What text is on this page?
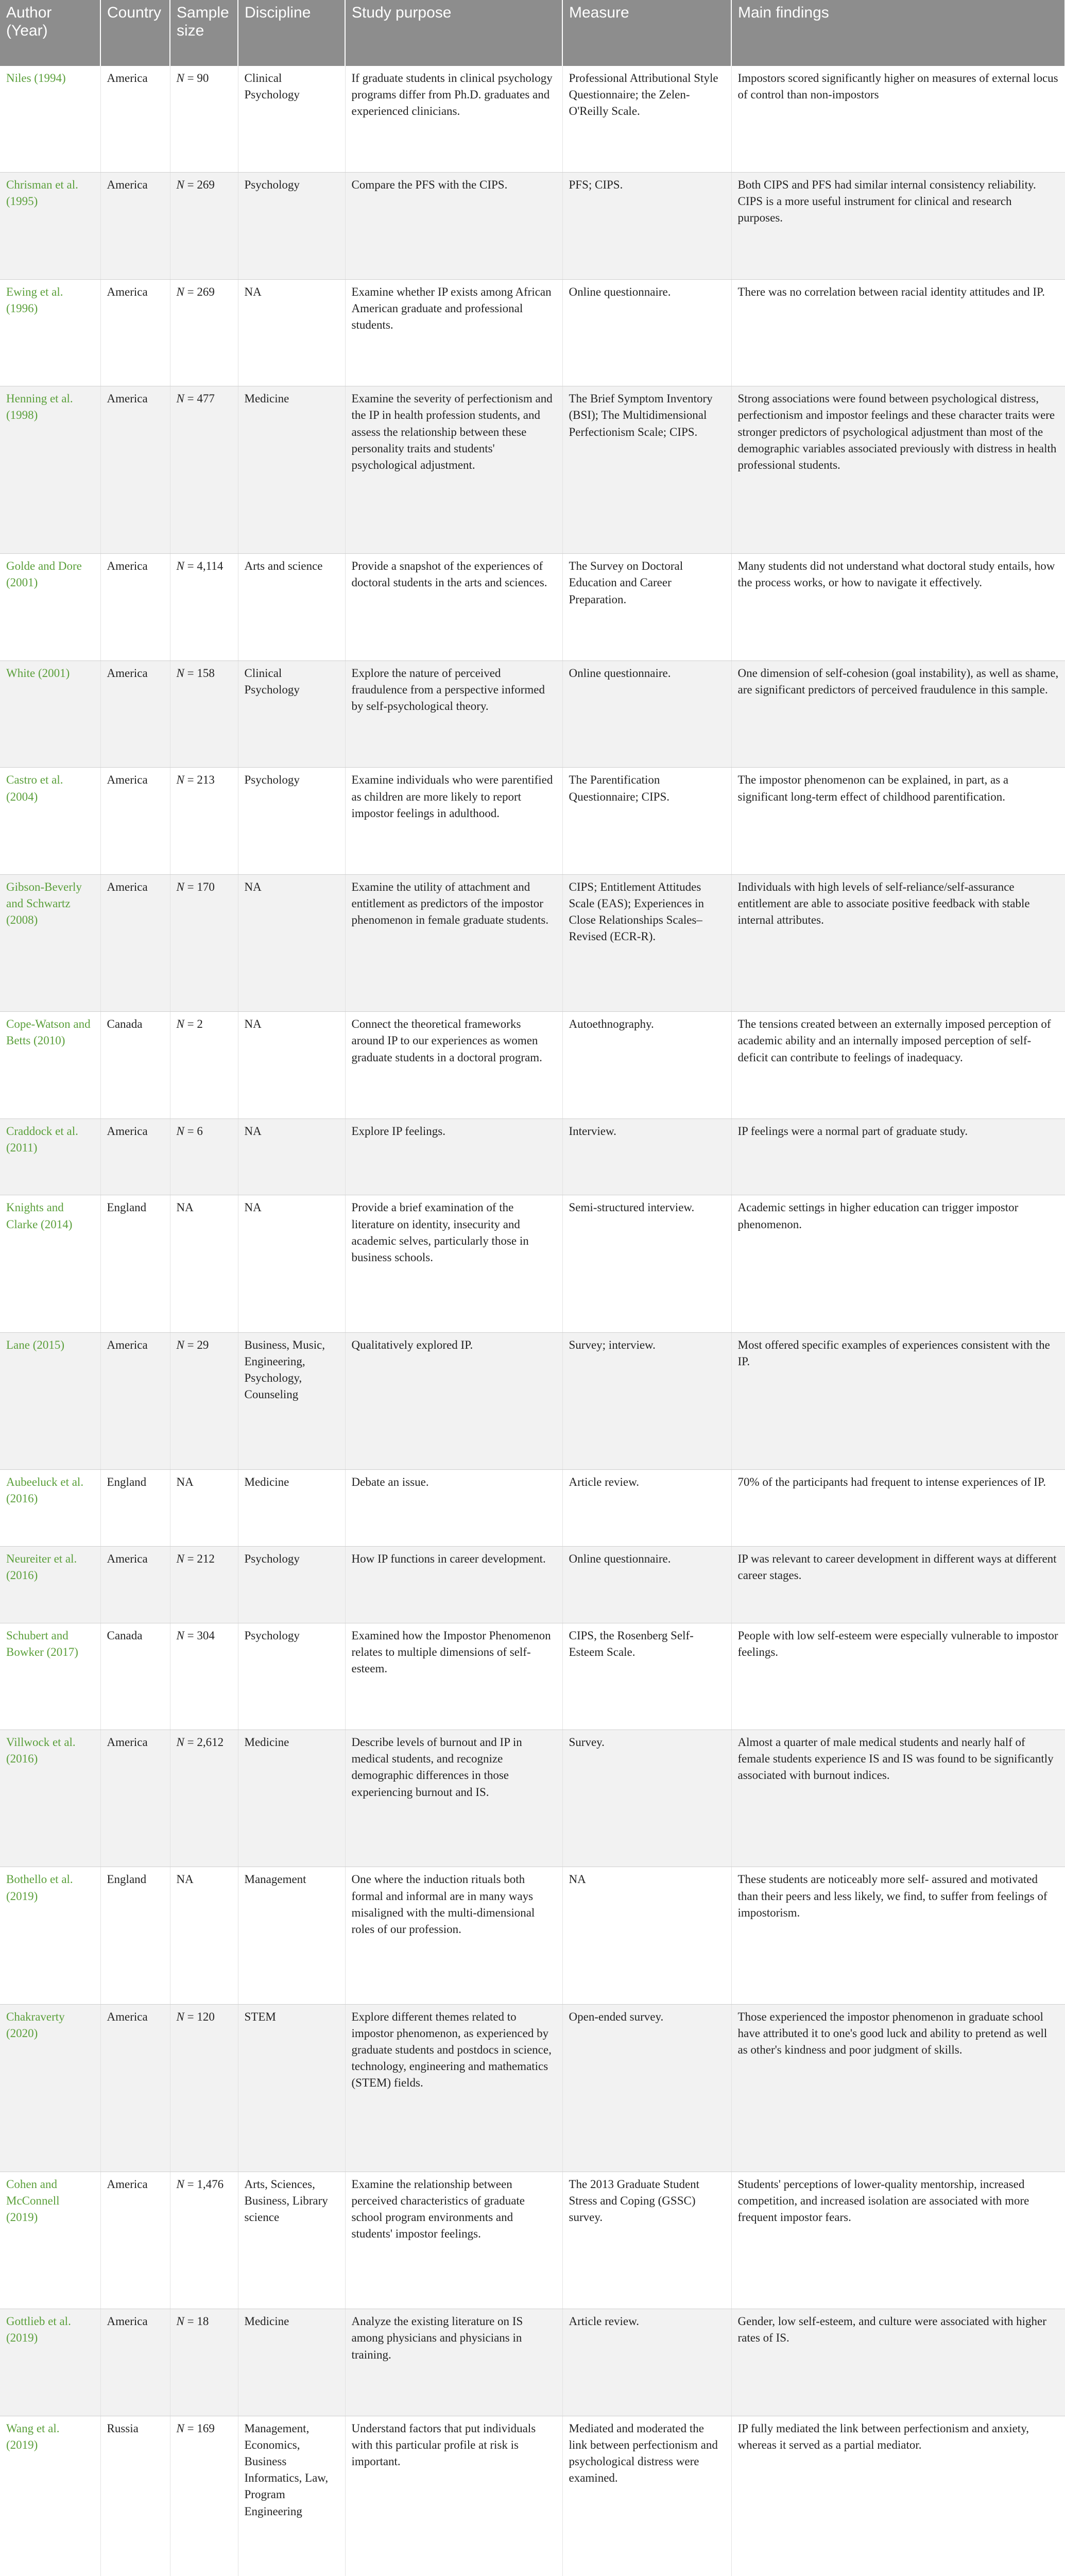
Author (Year)	Country	Sample size	Discipline	Study purpose	Measure	Main findings
Niles (1994)	America	N = 90	Clinical Psychology	If graduate students in clinical psychology programs differ from Ph.D. graduates and experienced clinicians.	Professional Attributional Style Questionnaire; the Zelen-O'Reilly Scale.	Impostors scored significantly higher on measures of external locus of control than non-impostors
Chrisman et al. (1995)	America	N = 269	Psychology	Compare the PFS with the CIPS.	PFS; CIPS.	Both CIPS and PFS had similar internal consistency reliability. CIPS is a more useful instrument for clinical and research purposes.
Ewing et al. (1996)	America	N = 269	NA	Examine whether IP exists among African American graduate and professional students.	Online questionnaire.	There was no correlation between racial identity attitudes and IP.
Henning et al. (1998)	America	N = 477	Medicine	Examine the severity of perfectionism and the IP in health profession students, and assess the relationship between these personality traits and students' psychological adjustment.	The Brief Symptom Inventory (BSI); The Multidimensional Perfectionism Scale; CIPS.	Strong associations were found between psychological distress, perfectionism and impostor feelings and these character traits were stronger predictors of psychological adjustment than most of the demographic variables associated previously with distress in health professional students.
Golde and Dore (2001)	America	N = 4,114	Arts and science	Provide a snapshot of the experiences of doctoral students in the arts and sciences.	The Survey on Doctoral Education and Career Preparation.	Many students did not understand what doctoral study entails, how the process works, or how to navigate it effectively.
White (2001)	America	N = 158	Clinical Psychology	Explore the nature of perceived fraudulence from a perspective informed by self-psychological theory.	Online questionnaire.	One dimension of self-cohesion (goal instability), as well as shame, are significant predictors of perceived fraudulence in this sample.
Castro et al. (2004)	America	N = 213	Psychology	Examine individuals who were parentified as children are more likely to report impostor feelings in adulthood.	The Parentification Questionnaire; CIPS.	The impostor phenomenon can be explained, in part, as a significant long-term effect of childhood parentification.
Gibson-Beverly and Schwartz (2008)	America	N = 170	NA	Examine the utility of attachment and entitlement as predictors of the impostor phenomenon in female graduate students.	CIPS; Entitlement Attitudes Scale (EAS); Experiences in Close Relationships Scales–Revised (ECR-R).	Individuals with high levels of self-reliance/self-assurance entitlement are able to associate positive feedback with stable internal attributes.
Cope-Watson and Betts (2010)	Canada	N = 2	NA	Connect the theoretical frameworks around IP to our experiences as women graduate students in a doctoral program.	Autoethnography.	The tensions created between an externally imposed perception of academic ability and an internally imposed perception of self-deficit can contribute to feelings of inadequacy.
Craddock et al. (2011)	America	N = 6	NA	Explore IP feelings.	Interview.	IP feelings were a normal part of graduate study.
Knights and Clarke (2014)	England	NA	NA	Provide a brief examination of the literature on identity, insecurity and academic selves, particularly those in business schools.	Semi-structured interview.	Academic settings in higher education can trigger impostor phenomenon.
Lane (2015)	America	N = 29	Business, Music, Engineering, Psychology, Counseling	Qualitatively explored IP.	Survey; interview.	Most offered specific examples of experiences consistent with the IP.
Aubeeluck et al. (2016)	England	NA	Medicine	Debate an issue.	Article review.	70% of the participants had frequent to intense experiences of IP.
Neureiter et al. (2016)	America	N = 212	Psychology	How IP functions in career development.	Online questionnaire.	IP was relevant to career development in different ways at different career stages.
Schubert and Bowker (2017)	Canada	N = 304	Psychology	Examined how the Impostor Phenomenon relates to multiple dimensions of self-esteem.	CIPS, the Rosenberg Self-Esteem Scale.	People with low self-esteem were especially vulnerable to impostor feelings.
Villwock et al. (2016)	America	N = 2,612	Medicine	Describe levels of burnout and IP in medical students, and recognize demographic differences in those experiencing burnout and IS.	Survey.	Almost a quarter of male medical students and nearly half of female students experience IS and IS was found to be significantly associated with burnout indices.
Bothello et al. (2019)	England	NA	Management	One where the induction rituals both formal and informal are in many ways misaligned with the multi-dimensional roles of our profession.	NA	These students are noticeably more self- assured and motivated than their peers and less likely, we find, to suffer from feelings of impostorism.
Chakraverty (2020)	America	N = 120	STEM	Explore different themes related to impostor phenomenon, as experienced by graduate students and postdocs in science, technology, engineering and mathematics (STEM) fields.	Open-ended survey.	Those experienced the impostor phenomenon in graduate school have attributed it to one's good luck and ability to pretend as well as other's kindness and poor judgment of skills.
Cohen and McConnell (2019)	America	N = 1,476	Arts, Sciences, Business, Library science	Examine the relationship between perceived characteristics of graduate school program environments and students' impostor feelings.	The 2013 Graduate Student Stress and Coping (GSSC) survey.	Students' perceptions of lower-quality mentorship, increased competition, and increased isolation are associated with more frequent impostor fears.
Gottlieb et al. (2019)	America	N = 18	Medicine	Analyze the existing literature on IS among physicians and physicians in training.	Article review.	Gender, low self-esteem, and culture were associated with higher rates of IS.
Wang et al. (2019)	Russia	N = 169	Management, Economics, Business Informatics, Law, Program Engineering	Understand factors that put individuals with this particular profile at risk is important.	Mediated and moderated the link between perfectionism and psychological distress were examined.	IP fully mediated the link between perfectionism and anxiety, whereas it served as a partial mediator.
